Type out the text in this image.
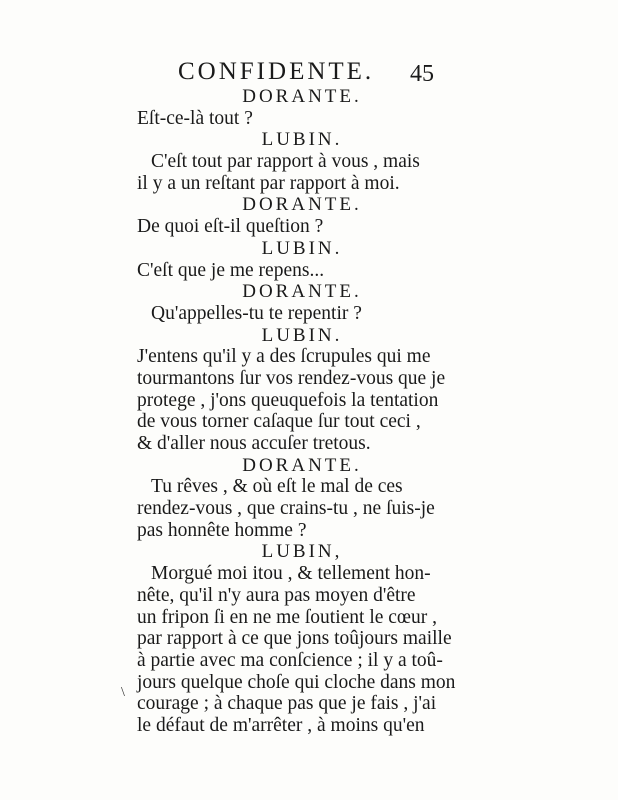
CONFIDENTE. 45
DORANTE.
Eſt-ce-là tout ?
LUBIN.
C'eſt tout par rapport à vous , mais
il y a un reſtant par rapport à moi.
DORANTE.
De quoi eſt-il queſtion ?
LUBIN.
C'eſt que je me repens...
DORANTE.
Qu'appelles-tu te repentir ?
LUBIN.
J'entens qu'il y a des ſcrupules qui me
tourmantons ſur vos rendez-vous que je
protege , j'ons queuquefois la tentation
de vous torner caſaque ſur tout ceci ,
& d'aller nous accuſer tretous.
DORANTE.
Tu rêves , & où eſt le mal de ces
rendez-vous , que crains-tu , ne ſuis-je
pas honnête homme ?
LUBIN,
Morgué moi itou , & tellement hon-
nête, qu'il n'y aura pas moyen d'être
un fripon ſi en ne me ſoutient le cœur ,
par rapport à ce que jons toûjours maille
à partie avec ma conſcience ; il y a toû-
jours quelque choſe qui cloche dans mon
courage ; à chaque pas que je fais , j'ai
le défaut de m'arrêter , à moins qu'en
\
